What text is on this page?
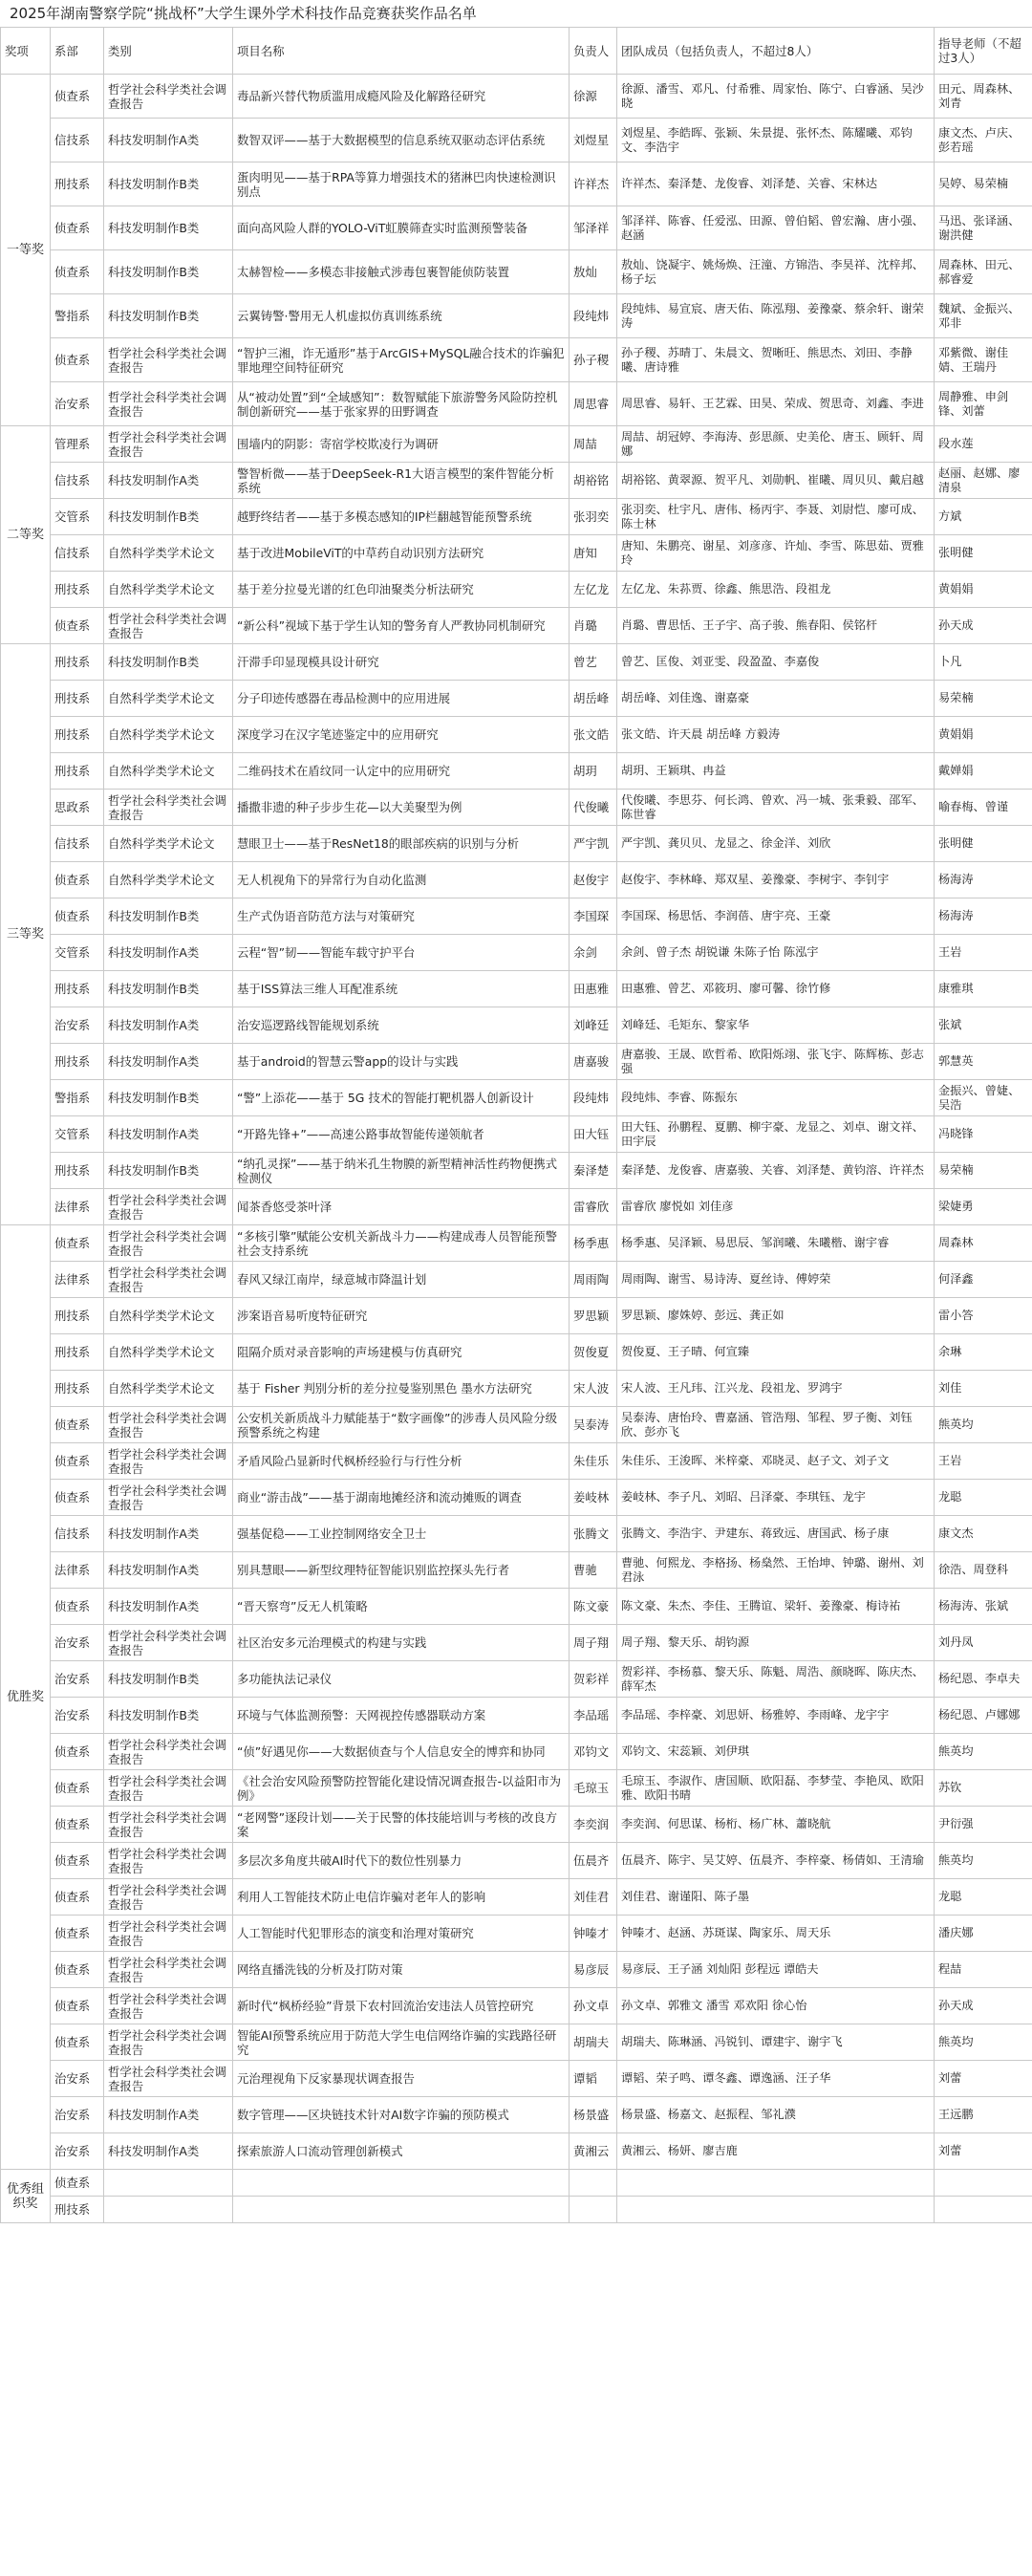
2025年湖南警察学院“挑战杯”大学生课外学术科技作品竞赛获奖作品名单
奖项	系部	类别	项目名称	负责人	团队成员（包括负责人，不超过8人）	指导老师（不超过3人）
一等奖	侦查系	哲学社会科学类社会调查报告	毒品新兴替代物质滥用成瘾风险及化解路径研究	徐源	徐源、潘雪、邓凡、付希雅、周家怡、陈宁、白睿涵、吴沙晓	田元、周森林、刘青
	信技系	科技发明制作A类	数智双评——基于大数据模型的信息系统双驱动态评估系统	刘煜星	刘煜星、李皓晖、张颖、朱景提、张怀杰、陈耀曦、邓钧文、李浩宇	康文杰、卢庆、彭若瑶
	刑技系	科技发明制作B类	蛋肉明见——基于RPA等算力增强技术的猪淋巴肉快速检测识别点	许祥杰	许祥杰、秦泽楚、龙俊睿、刘泽楚、关睿、宋林达	吴婷、易荣楠
	侦查系	科技发明制作B类	面向高风险人群的YOLO-ViT虹膜筛查实时监测预警装备	邹泽祥	邹泽祥、陈睿、任爱泓、田源、曾伯韬、曾宏瀚、唐小强、赵涵	马迅、张译涵、谢洪健
	侦查系	科技发明制作B类	太赫智检——多模态非接触式涉毒包裹智能侦防装置	敖灿	敖灿、饶凝宇、姚炀焕、汪潼、方锦浩、李昊祥、沈梓邦、杨子坛	周森林、田元、郝睿爱
	警指系	科技发明制作B类	云翼铸警·警用无人机虚拟仿真训练系统	段纯炜	段纯炜、易宣宸、唐天佑、陈泓翔、姜豫豪、蔡余轩、谢荣涛	魏斌、金振兴、邓非
	侦查系	哲学社会科学类社会调查报告	“智护三湘，诈无遁形”基于ArcGIS+MySQL融合技术的诈骗犯罪地理空间特征研究	孙子稷	孙子稷、苏晴丁、朱晨文、贺晰旺、熊思杰、刘田、李静曦、唐诗雅	邓紫微、谢佳婧、王瑞丹
	治安系	哲学社会科学类社会调查报告	从“被动处置”到“全域感知”：数智赋能下旅游警务风险防控机制创新研究——基于张家界的田野调查	周思睿	周思睿、易轩、王艺霖、田昊、荣成、贺思奇、刘鑫、李进	周静雅、申剑锋、刘蕾
二等奖	管理系	哲学社会科学类社会调查报告	围墙内的阴影：寄宿学校欺凌行为调研	周喆	周喆、胡冠婷、李海涛、彭思颜、史美伦、唐玉、顾轩、周娜	段水莲
	信技系	科技发明制作A类	警智析微——基于DeepSeek-R1大语言模型的案件智能分析系统	胡裕铭	胡裕铭、黄翠源、贺平凡、刘勋帆、崔曦、周贝贝、戴启越	赵丽、赵娜、廖清泉
	交管系	科技发明制作B类	越野终结者——基于多模态感知的IP栏翻越智能预警系统	张羽奕	张羽奕、杜宇凡、唐伟、杨丙宇、李聂、刘尉恺、廖可成、陈士林	方斌
	信技系	自然科学类学术论文	基于改进MobileViT的中草药自动识别方法研究	唐知	唐知、朱鹏亮、谢星、刘彦彦、许灿、李雪、陈思茹、贾雅玲	张明健
	刑技系	自然科学类学术论文	基于差分拉曼光谱的红色印油聚类分析法研究	左亿龙	左亿龙、朱荪贾、徐鑫、熊思浩、段祖龙	黄娟娟
	侦查系	哲学社会科学类社会调查报告	“新公科”视域下基于学生认知的警务育人严教协同机制研究	肖璐	肖璐、曹思恬、王子宇、高子骏、熊春阳、侯铭杆	孙天成
三等奖	刑技系	科技发明制作B类	汗滞手印显现模具设计研究	曾艺	曾艺、匡俊、刘亚雯、段盈盈、李嘉俊	卜凡
	刑技系	自然科学类学术论文	分子印迹传感器在毒品检测中的应用进展	胡岳峰	胡岳峰、刘佳逸、谢嘉豪	易荣楠
	刑技系	自然科学类学术论文	深度学习在汉字笔迹鉴定中的应用研究	张文皓	张文皓、许天晨 胡岳峰 方毅涛	黄娟娟
	刑技系	自然科学类学术论文	二维码技术在盾纹同一认定中的应用研究	胡玥	胡玥、王颖琪、冉益	戴婵娟
	思政系	哲学社会科学类社会调查报告	播撒非遗的种子步步生花—以大美聚型为例	代俊曦	代俊曦、李思芬、何长鸿、曾欢、冯一城、张秉毅、邵军、陈世睿	喻春梅、曾谨
	信技系	自然科学类学术论文	慧眼卫士——基于ResNet18的眼部疾病的识别与分析	严宇凯	严宇凯、龚贝贝、龙显之、徐金洋、刘欣	张明健
	侦查系	自然科学类学术论文	无人机视角下的异常行为自动化监测	赵俊宇	赵俊宇、李林峰、郑双星、姜豫豪、李树宇、李钊宇	杨海涛
	侦查系	科技发明制作B类	生产式伪语音防范方法与对策研究	李国琛	李国琛、杨思恬、李润蓓、唐宇亮、王豪	杨海涛
	交管系	科技发明制作A类	云程“智”韧——智能车载守护平台	余剑	余剑、曾子杰 胡锐谦 朱陈子怡 陈泓宇	王岩
	刑技系	科技发明制作B类	基于ISS算法三维人耳配准系统	田惠雅	田惠雅、曾艺、邓筱玥、廖可馨、徐竹修	康雅琪
	治安系	科技发明制作A类	治安巡逻路线智能规划系统	刘峰廷	刘峰廷、毛矩东、黎家华	张斌
	刑技系	科技发明制作A类	基于android的智慧云警app的设计与实践	唐嘉骏	唐嘉骏、王晟、欧哲希、欧阳烁翊、张飞宇、陈辉栋、彭志强	郭慧英
	警指系	科技发明制作B类	“警”上添花——基于 5G 技术的智能打靶机器人创新设计	段纯炜	段纯炜、李睿、陈振东	金振兴、曾婕、吴浩
	交管系	科技发明制作A类	“开路先锋+”——高速公路事故智能传递领航者	田大钰	田大钰、孙鹏程、夏鹏、柳宇豪、龙显之、刘卓、谢文祥、田宇辰	冯晓锋
	刑技系	科技发明制作B类	“纳孔灵探”——基于纳米孔生物膜的新型精神活性药物便携式检测仪	秦泽楚	秦泽楚、龙俊睿、唐嘉骏、关睿、刘泽楚、黄钧溶、许祥杰	易荣楠
	法律系	哲学社会科学类社会调查报告	闻茶香悠受茶叶泽	雷睿欣	雷睿欣 廖悦如 刘佳彦	梁婕勇
优胜奖	侦查系	哲学社会科学类社会调查报告	“多核引擎”赋能公安机关新战斗力——构建成毒人员智能预警社会支持系统	杨季惠	杨季惠、吴泽颖、易思辰、邹润曦、朱曦楷、谢宇睿	周森林
	法律系	哲学社会科学类社会调查报告	春风又绿江南岸，绿意城市降温计划	周雨陶	周雨陶、谢雪、易诗涛、夏丝诗、傅婷荣	何泽鑫
	刑技系	自然科学类学术论文	涉案语音易听度特征研究	罗思颖	罗思颖、廖姝婷、彭远、龚正如	雷小答
	刑技系	自然科学类学术论文	阻隔介质对录音影响的声场建模与仿真研究	贺俊夏	贺俊夏、王子晴、何宣臻	余琳
	刑技系	自然科学类学术论文	基于 Fisher 判别分析的差分拉曼鉴别黑色 墨水方法研究	宋人波	宋人波、王凡玮、江兴龙、段祖龙、罗鸿宇	刘佳
	侦查系	哲学社会科学类社会调查报告	公安机关新质战斗力赋能基于“数字画像”的涉毒人员风险分级预警系统之构建	吴泰涛	吴泰涛、唐怡玲、曹嘉涵、管浩翔、邹程、罗子衡、刘钰欣、彭亦飞	熊英均
	侦查系	哲学社会科学类社会调查报告	矛盾风险凸显新时代枫桥经验行与行性分析	朱佳乐	朱佳乐、王浚晖、米梓豪、邓晓灵、赵子文、刘子文	王岩
	侦查系	哲学社会科学类社会调查报告	商业“游击战”——基于湖南地摊经济和流动摊贩的调查	姜岐林	姜岐林、李子凡、刘昭、吕泽豪、李琪钰、龙宇	龙聪
	信技系	科技发明制作A类	强基促稳——工业控制网络安全卫士	张腾文	张腾文、李浩宇、尹建东、蒋致远、唐国武、杨子康	康文杰
	法律系	科技发明制作A类	别具慧眼——新型纹理特征智能识别监控探头先行者	曹驰	曹驰、何熙龙、李格扬、杨燊然、王怡坤、钟璐、谢州、刘君泳	徐浩、周登科
	侦查系	科技发明制作A类	“晋天察弯”反无人机策略	陈文豪	陈文豪、朱杰、李佳、王腾谊、梁轩、姜豫豪、梅诗祐	杨海涛、张斌
	治安系	哲学社会科学类社会调查报告	社区治安多元治理模式的构建与实践	周子翔	周子翔、黎天乐、胡钧源	刘丹凤
	治安系	科技发明制作B类	多功能执法记录仪	贺彩祥	贺彩祥、李杨慕、黎天乐、陈魁、周浩、颜晓晖、陈庆杰、薛军杰	杨纪恩、李卓夫
	治安系	科技发明制作B类	环境与气体监测预警：天网视控传感器联动方案	李品瑶	李品瑶、李梓豪、刘思妍、杨雅婷、李雨峰、龙宇宇	杨纪恩、卢娜娜
	侦查系	哲学社会科学类社会调查报告	“侦”好遇见你——大数据侦查与个人信息安全的博弈和协同	邓钧文	邓钧文、宋蕊颖、刘伊琪	熊英均
	侦查系	哲学社会科学类社会调查报告	《社会治安风险预警防控智能化建设情况调查报告-以益阳市为例》	毛琼玉	毛琼玉、李淑作、唐国顺、欧阳磊、李梦莹、李艳凤、欧阳雅、欧阳书晴	苏钦
	侦查系	哲学社会科学类社会调查报告	“老网警”逐段计划——关于民警的体技能培训与考核的改良方案	李奕润	李奕润、何思谋、杨桁、杨广林、蕭晓航	尹衍强
	侦查系	哲学社会科学类社会调查报告	多层次多角度共破AI时代下的数位性别暴力	伍晨齐	伍晨齐、陈宇、吴艾婷、伍晨齐、李梓豪、杨倩如、王清瑜	熊英均
	侦查系	哲学社会科学类社会调查报告	利用人工智能技术防止电信诈骗对老年人的影响	刘佳君	刘佳君、谢谨阳、陈子墨	龙聪
	侦查系	哲学社会科学类社会调查报告	人工智能时代犯罪形态的演变和治理对策研究	钟嗪才	钟嗪才、赵涵、苏斑谋、陶家乐、周天乐	潘庆娜
	侦查系	哲学社会科学类社会调查报告	网络直播洗钱的分析及打防对策	易彦辰	易彦辰、王子涵 刘灿阳 彭程远 谭皓夫	程喆
	侦查系	哲学社会科学类社会调查报告	新时代“枫桥经验”背景下农村回流治安违法人员管控研究	孙文卓	孙文卓、郭雅文 潘雪 邓欢阳 徐心怡	孙天成
	侦查系	哲学社会科学类社会调查报告	智能AI预警系统应用于防范大学生电信网络诈骗的实践路径研究	胡瑞夫	胡瑞夫、陈琳涵、冯锐钊、谭建宇、谢宇飞	熊英均
	治安系	哲学社会科学类社会调查报告	元治理视角下反家暴现状调查报告	谭韬	谭韬、荣子鸣、谭冬鑫、谭逸涵、汪子华	刘蕾
	治安系	科技发明制作A类	数字管理——区块链技术针对AI数字诈骗的预防模式	杨景盛	杨景盛、杨嘉文、赵振程、邹礼濮	王远鹏
	治安系	科技发明制作A类	探索旅游人口流动管理创新模式	黄湘云	黄湘云、杨妍、廖吉鹿	刘蕾
优秀组织奖	侦查系					
	刑技系					
